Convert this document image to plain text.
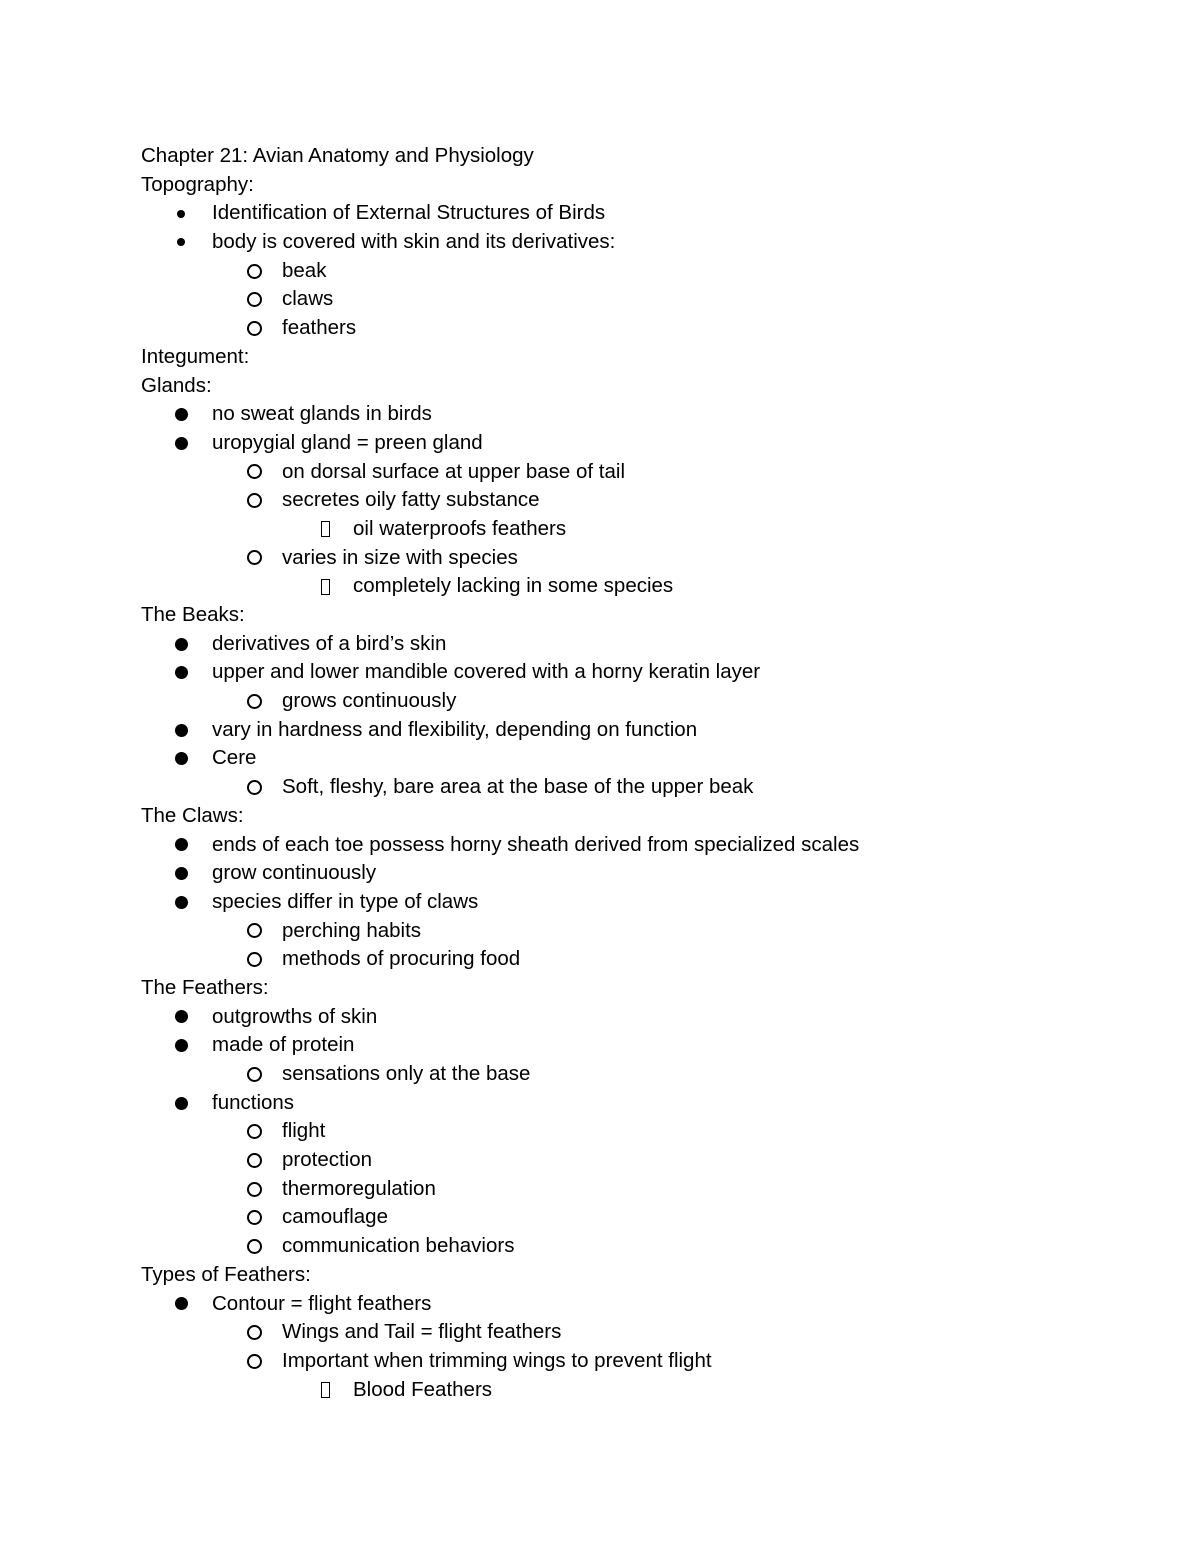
Chapter 21: Avian Anatomy and Physiology
Topography:
Identification of External Structures of Birds
body is covered with skin and its derivatives:
beak
claws
feathers
Integument:
Glands:
no sweat glands in birds
uropygial gland = preen gland
on dorsal surface at upper base of tail
secretes oily fatty substance
oil waterproofs feathers
varies in size with species
completely lacking in some species
The Beaks:
derivatives of a bird’s skin
upper and lower mandible covered with a horny keratin layer
grows continuously
vary in hardness and flexibility, depending on function
Cere
Soft, fleshy, bare area at the base of the upper beak
The Claws:
ends of each toe possess horny sheath derived from specialized scales
grow continuously
species differ in type of claws
perching habits
methods of procuring food
The Feathers:
outgrowths of skin
made of protein
sensations only at the base
functions
flight
protection
thermoregulation
camouflage
communication behaviors
Types of Feathers:
Contour = flight feathers
Wings and Tail = flight feathers
Important when trimming wings to prevent flight
Blood Feathers
